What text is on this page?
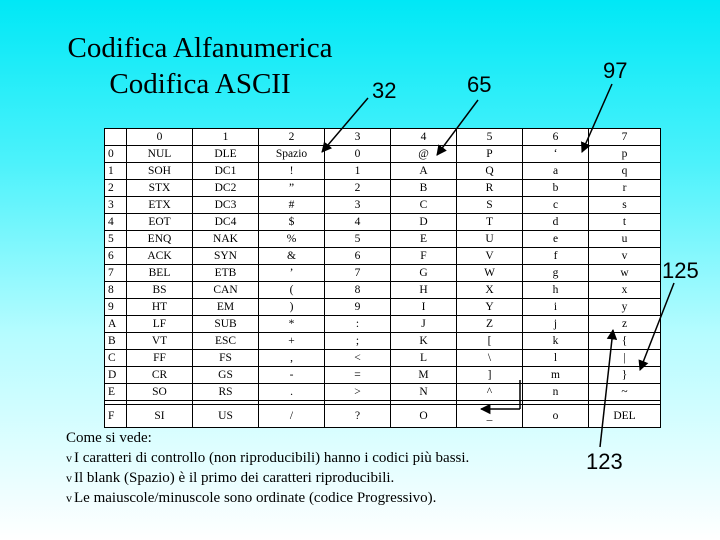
Codifica Alfanumerica
Codifica ASCII	32	65
97
125
123
	0	1	2	3	4	5	6	7
0	NUL	DLE	Spazio	0	@	P	‘	p
1	SOH	DC1	!	1	A	Q	a	q
2	STX	DC2	”	2	B	R	b	r
3	ETX	DC3	#	3	C	S	c	s
4	EOT	DC4	$	4	D	T	d	t
5	ENQ	NAK	%	5	E	U	e	u
6	ACK	SYN	&	6	F	V	f	v
7	BEL	ETB	’	7	G	W	g	w
8	BS	CAN	(	8	H	X	h	x
9	HT	EM	)	9	I	Y	i	y
A	LF	SUB	*	:	J	Z	j	z
B	VT	ESC	+	;	K	[	k	{
C	FF	FS	,	<	L	\	l	|
D	CR	GS	-	=	M	]	m	}
E	SO	RS	.	>	N	^	n	~

F	SI	US	/	?	O	_	o	DEL
Come si vede:
v I caratteri di controllo (non riproducibili) hanno i codici più bassi.
v Il blank (Spazio) è il primo dei caratteri riproducibili.
v Le maiuscole/minuscole sono ordinate (codice Progressivo).
